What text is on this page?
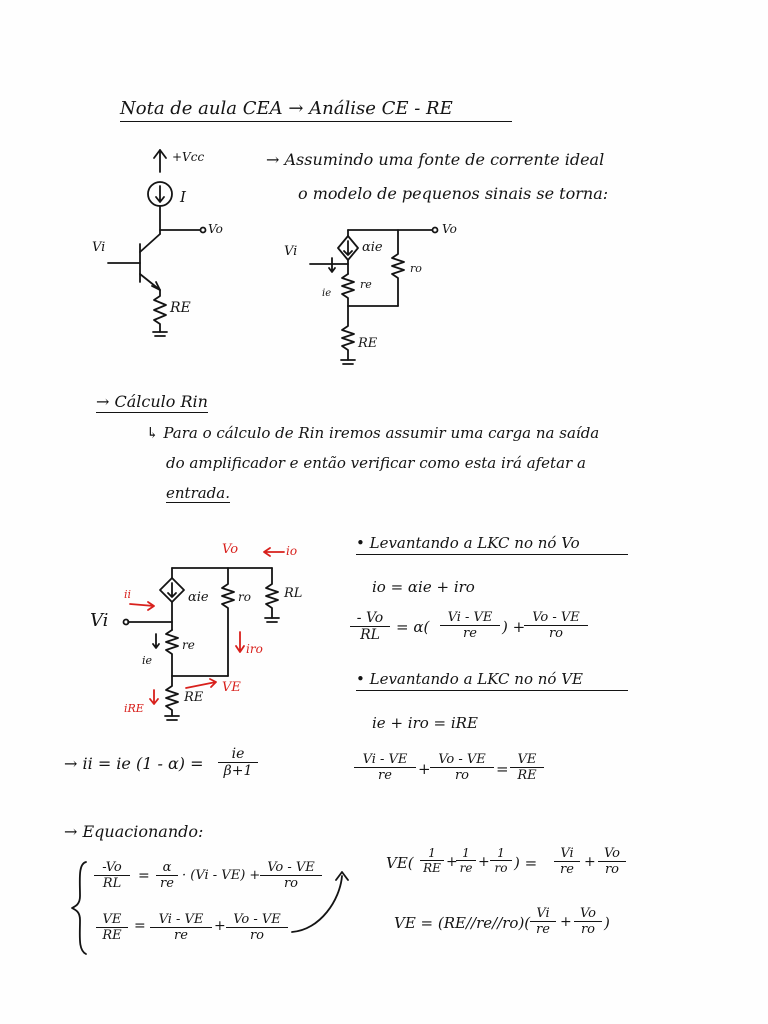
Nota de aula CEA → Análise CE - RE
→ Assumindo uma fonte de corrente ideal
o modelo de pequenos sinais se torna:
+Vcc
I
Vo
Vi
RE
Vo
Vi	αie
ro
re
ie
RE
→ Cálculo Rin
↳ Para o cálculo de Rin iremos assumir uma carga na saída
do amplificador e então verificar como esta irá afetar a
entrada.
Vo	io
ii
Vi
αie ro	RL
re	iro
ie
VE
iRE
RE
• Levantando a LKC no nó Vo
io = αie + iro
$\frac{- Vo}{RL} = \alpha( \frac{Vi - VE}{re}$ ) +
$\frac{Vo - VE}{ro}$
• Levantando a LKC no nó VE
ie + iro = iRE
$\frac{Vi - VE}{re} + \frac{Vo - VE}{ro} = \frac{VE}{RE}$
→ ii = ie $(1 - \alpha) = \frac{ie}{\beta+1}$
→ Equacionando:
$\frac{-Vo}{RL} = \frac{\alpha}{re} \cdot (Vi - VE) + \frac{Vo - VE}{ro}$
$\frac{VE}{RE} = \frac{Vi - VE}{re} + \frac{Vo - VE}{ro}$
$VE( \frac{1}{RE}$ +
$\frac{1}{re} + \frac{1}{ro}$ ) = $\frac{Vi}{re} + \frac{Vo}{ro}$
VE = $(RE//re//ro)( \frac{Vi}{re} + \frac{Vo}{ro}$ )
